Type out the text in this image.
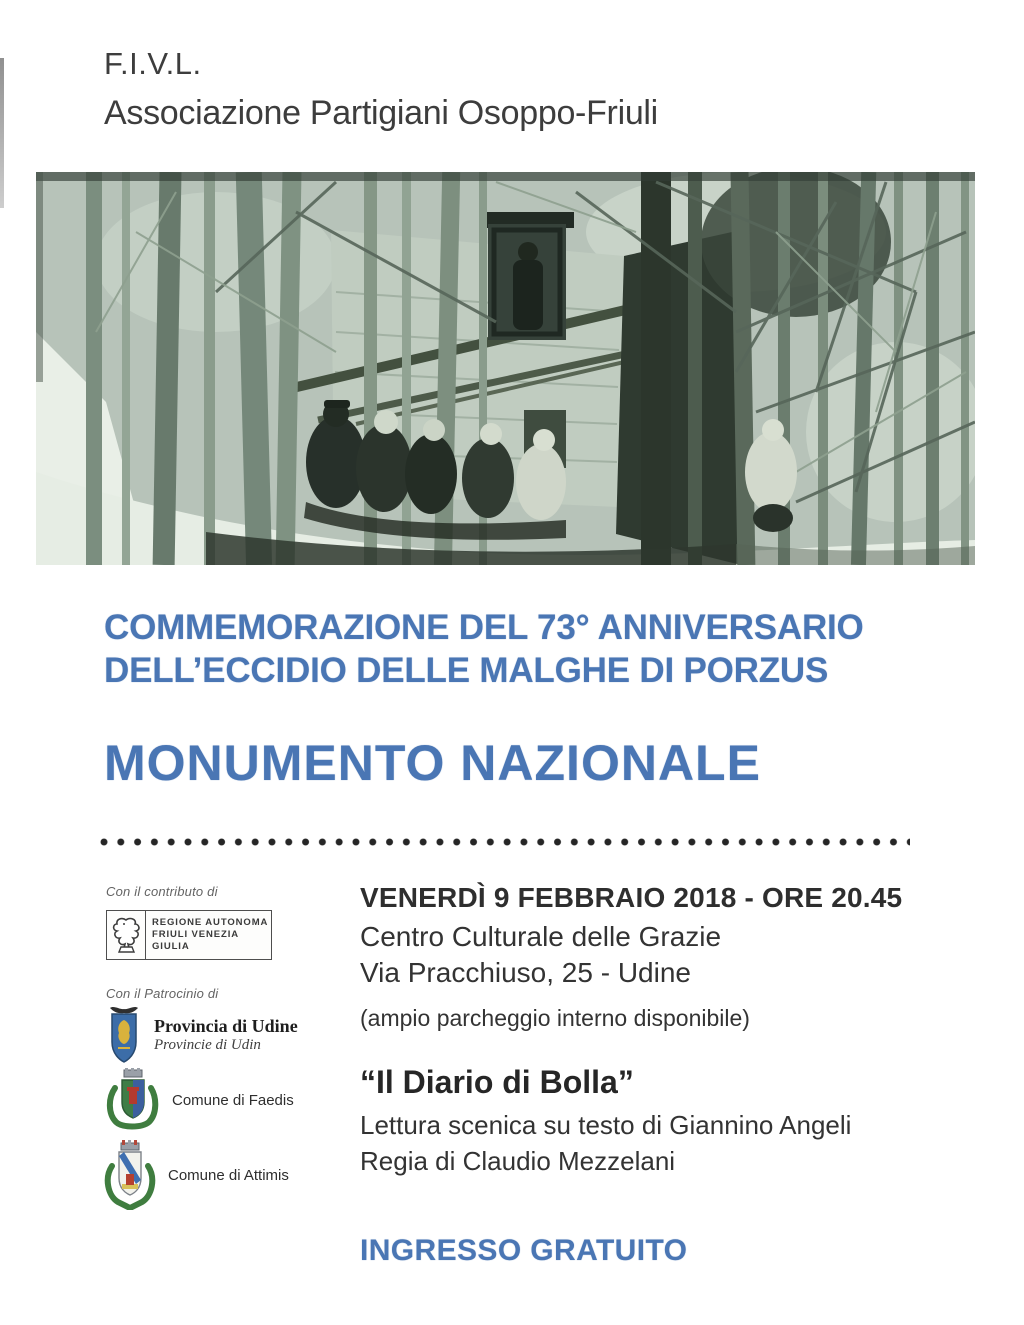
F.I.V.L.
Associazione Partigiani Osoppo-Friuli
COMMEMORAZIONE DEL 73° ANNIVERSARIO
DELL’ECCIDIO DELLE MALGHE DI PORZUS
MONUMENTO NAZIONALE
Con il contributo di
REGIONE AUTONOMA
FRIULI VENEZIA GIULIA
Con il Patrocinio di
Provincia di Udine
Provincie di Udin
Comune di Faedis
Comune di Attimis
VENERDÌ 9 FEBBRAIO 2018 - ORE 20.45
Centro Culturale delle Grazie
Via Pracchiuso, 25 - Udine
(ampio parcheggio interno disponibile)
“Il Diario di Bolla”
Lettura scenica su testo di Giannino Angeli
Regia di Claudio Mezzelani
INGRESSO GRATUITO
